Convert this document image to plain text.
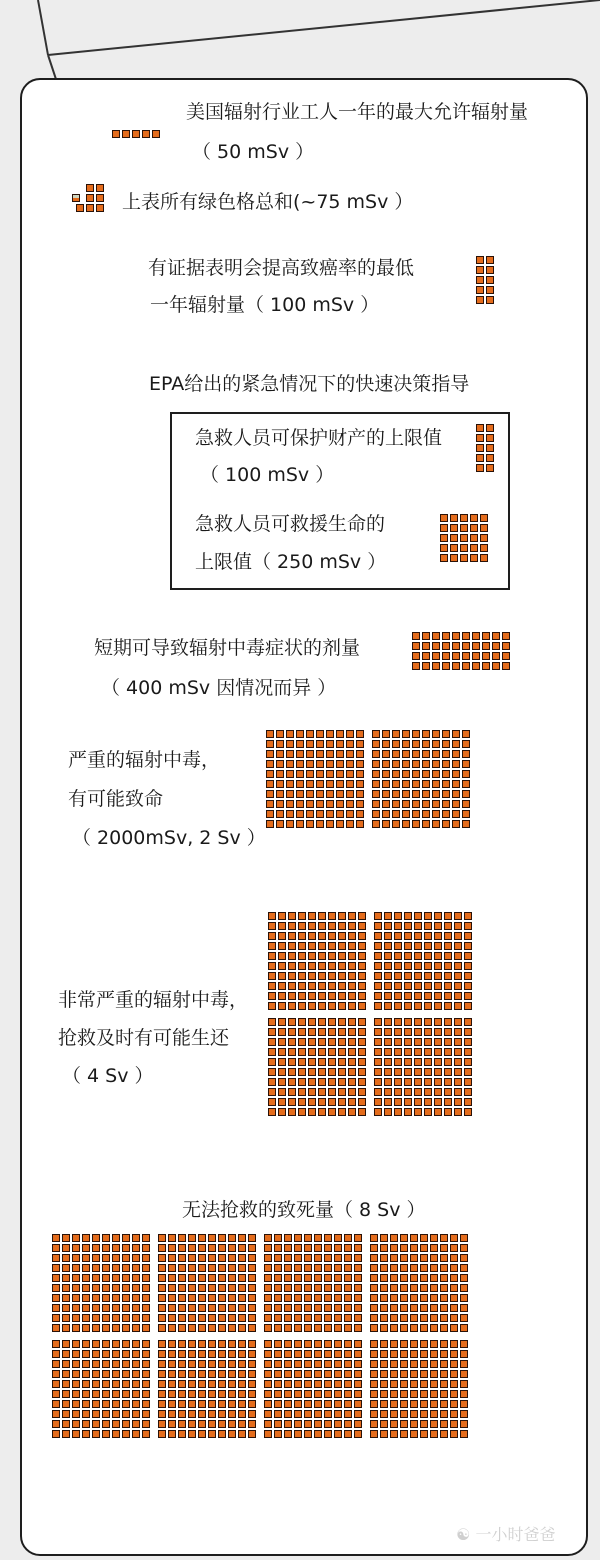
美国辐射行业工人一年的最大允许辐射量
（ 50 mSv ）
上表所有绿色格总和(~75 mSv ）
有证据表明会提高致癌率的最低
一年辐射量（ 100 mSv ）
EPA给出的紧急情况下的快速决策指导
急救人员可保护财产的上限值
（ 100 mSv ）
急救人员可救援生命的
上限值（ 250 mSv ）
短期可导致辐射中毒症状的剂量
（ 400 mSv 因情况而异 ）
严重的辐射中毒，
有可能致命
（ 2000mSv, 2 Sv ）
非常严重的辐射中毒，
抢救及时有可能生还
（ 4 Sv ）
无法抢救的致死量（ 8 Sv ）
☯ 一小时爸爸
